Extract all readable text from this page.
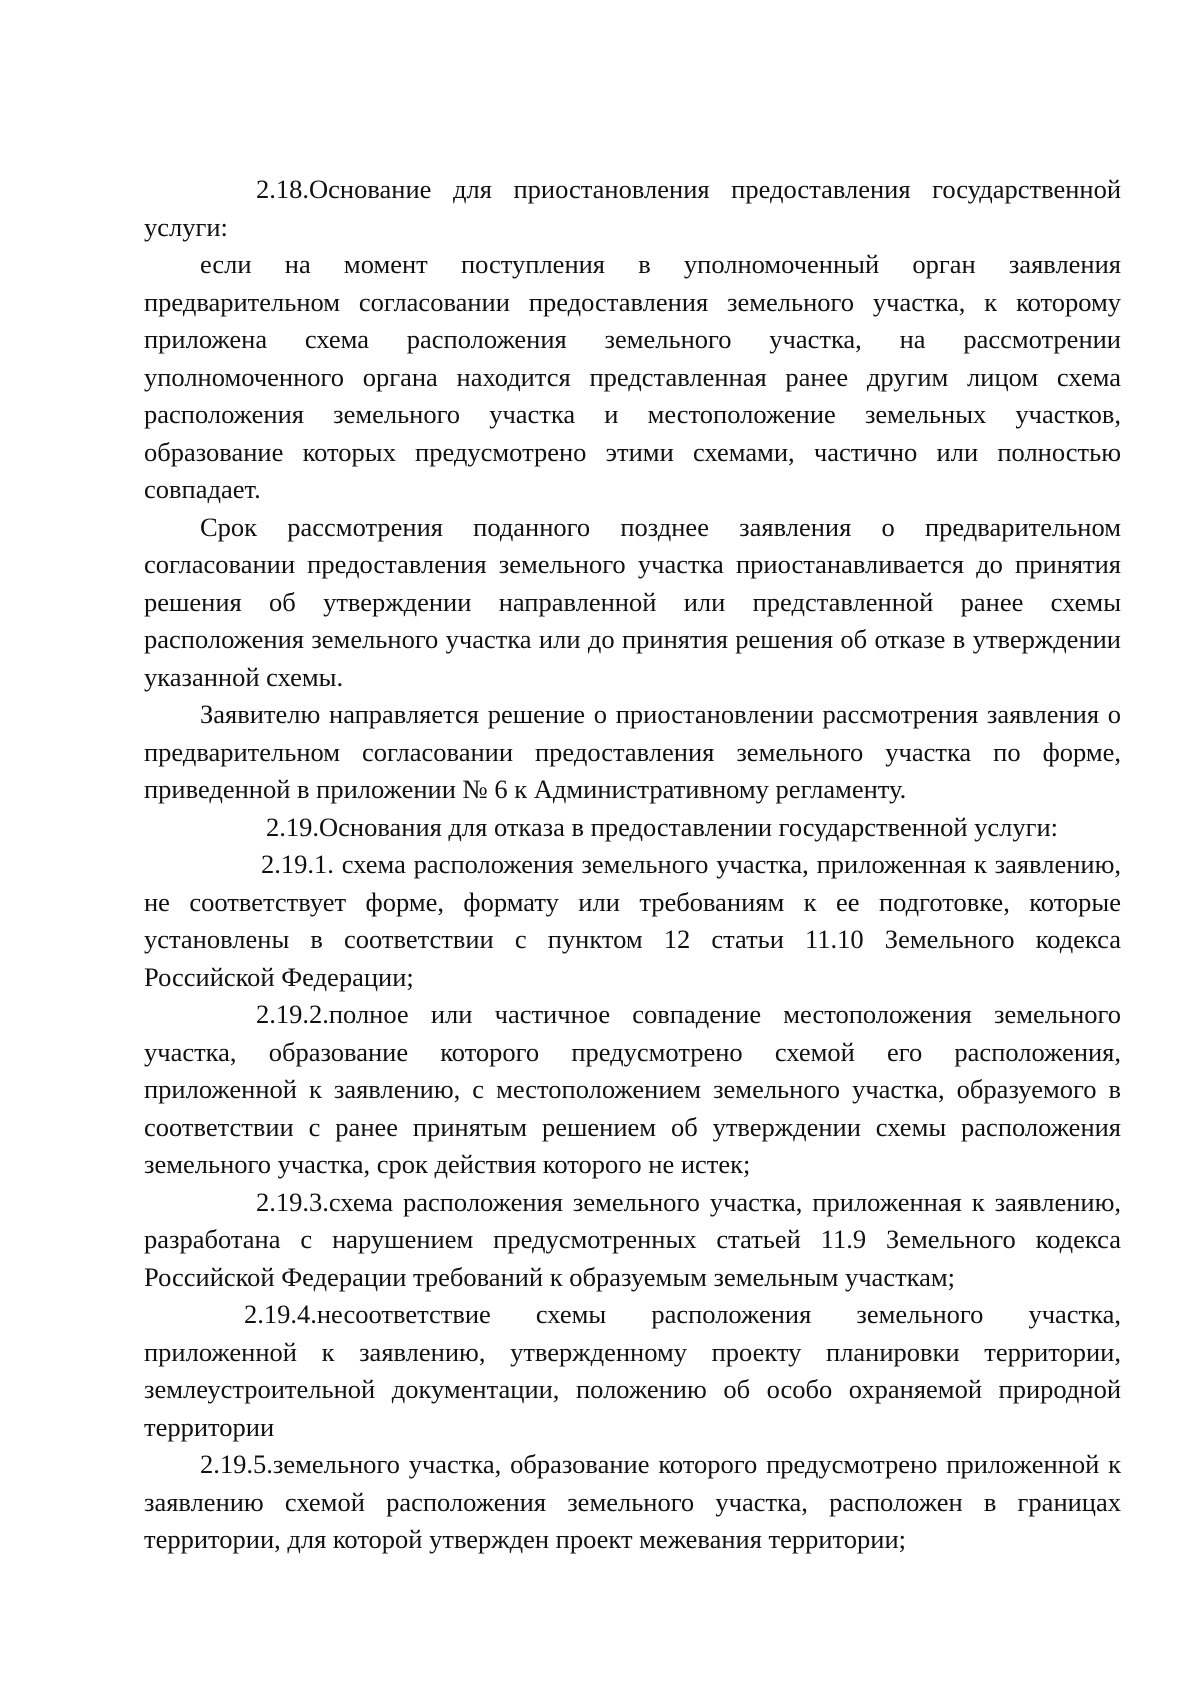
2.18.Основание для приостановления предоставления государственной услуги:

если на момент поступления в уполномоченный орган заявления предварительном согласовании предоставления земельного участка, к которому приложена схема расположения земельного участка, на рассмотрении уполномоченного органа находится представленная ранее другим лицом схема расположения земельного участка и местоположение земельных участков, образование которых предусмотрено этими схемами, частично или полностью совпадает.

Срок рассмотрения поданного позднее заявления о предварительном согласовании предоставления земельного участка приостанавливается до принятия решения об утверждении направленной или представленной ранее схемы расположения земельного участка или до принятия решения об отказе в утверждении указанной схемы.

Заявителю направляется решение о приостановлении рассмотрения заявления о предварительном согласовании предоставления земельного участка по форме, приведенной в приложении № 6 к Административному регламенту.

2.19.Основания для отказа в предоставлении государственной услуги:

2.19.1. схема расположения земельного участка, приложенная к заявлению, не соответствует форме, формату или требованиям к ее подготовке, которые установлены в соответствии с пунктом 12 статьи 11.10 Земельного кодекса Российской Федерации;

2.19.2.полное или частичное совпадение местоположения земельного участка, образование которого предусмотрено схемой его расположения, приложенной к заявлению, с местоположением земельного участка, образуемого в соответствии с ранее принятым решением об утверждении схемы расположения земельного участка, срок действия которого не истек;

2.19.3.схема расположения земельного участка, приложенная к заявлению, разработана с нарушением предусмотренных статьей 11.9 Земельного кодекса Российской Федерации требований к образуемым земельным участкам;

2.19.4.несоответствие схемы расположения земельного участка, приложенной к заявлению, утвержденному проекту планировки территории, землеустроительной документации, положению об особо охраняемой природной территории

2.19.5.земельного участка, образование которого предусмотрено приложенной к заявлению схемой расположения земельного участка, расположен в границах территории, для которой утвержден проект межевания территории;
